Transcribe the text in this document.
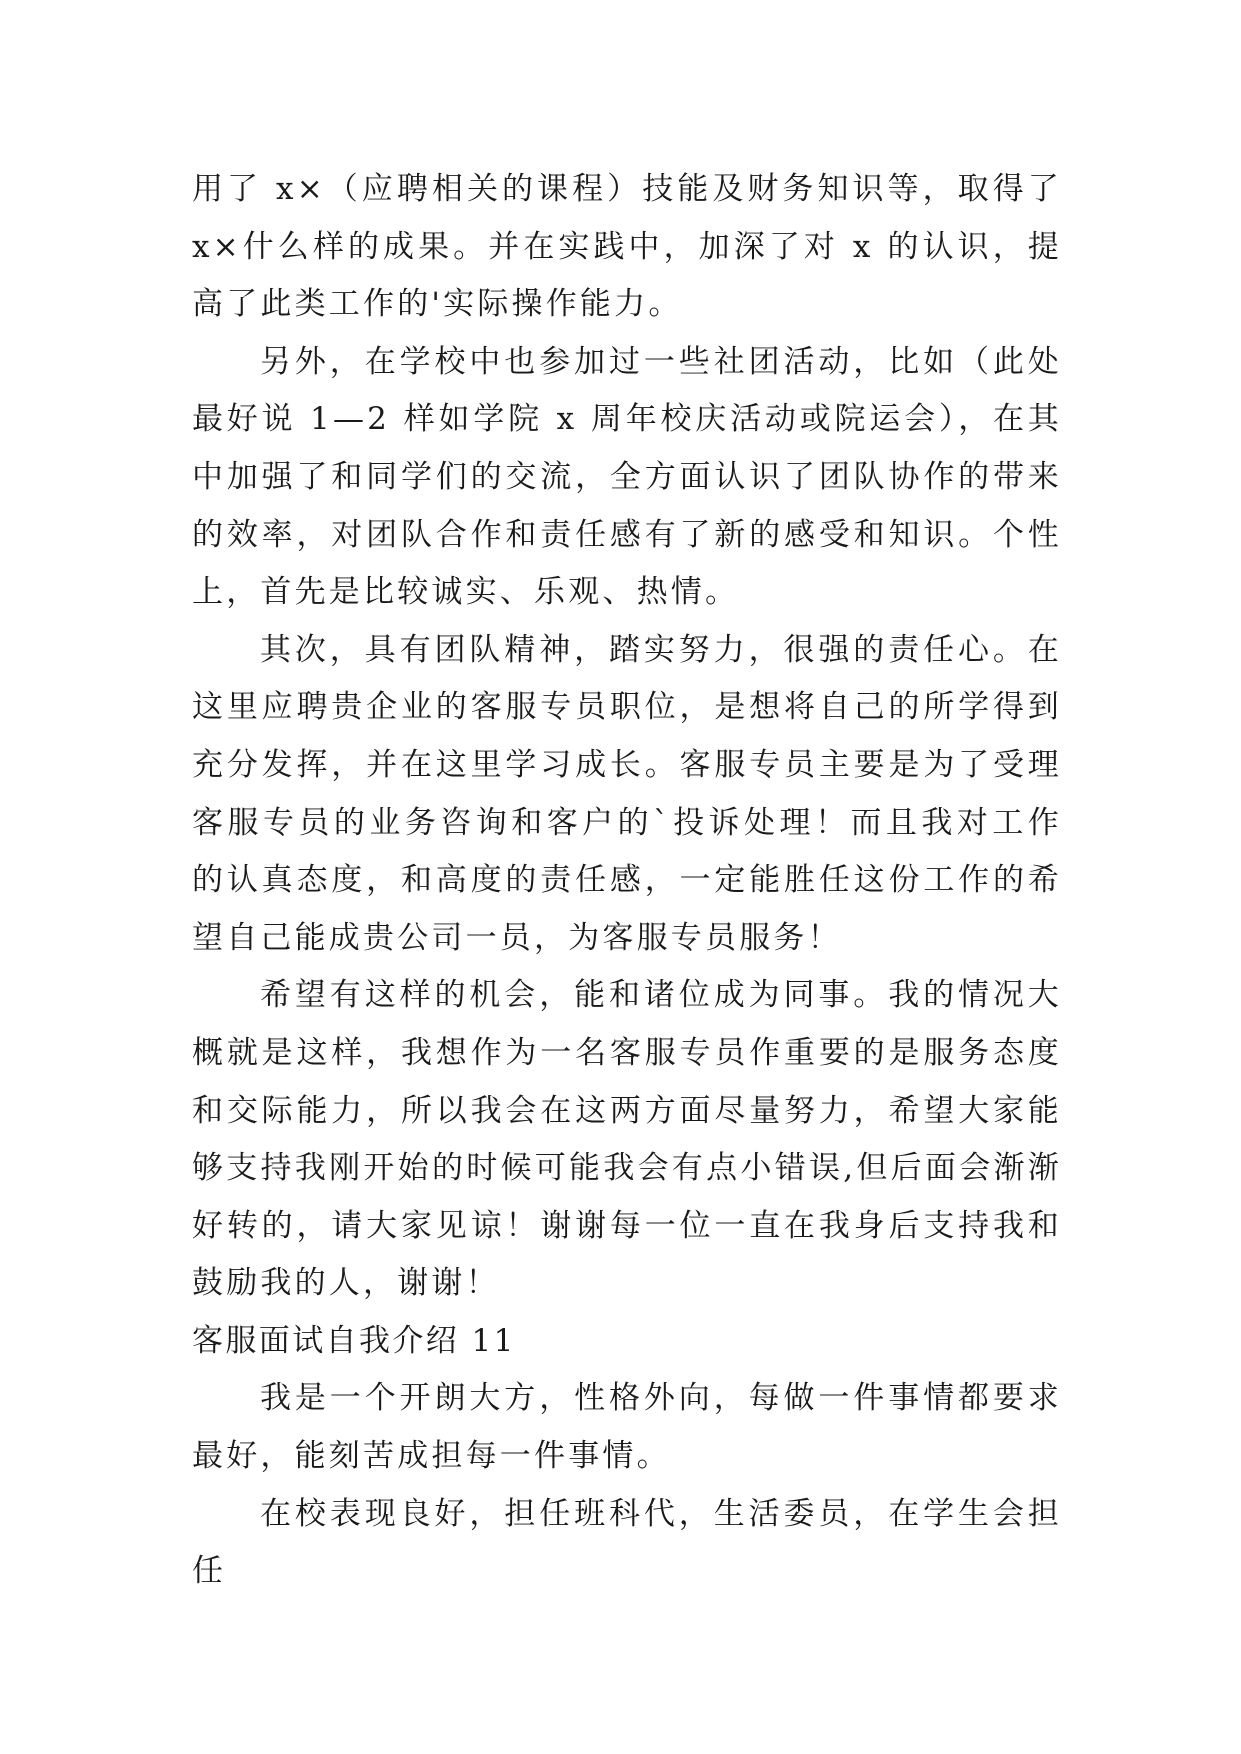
用了 x×（应聘相关的课程）技能及财务知识等，取得了 x×什么样的成果。并在实践中，加深了对 x 的认识，提高了此类工作的'实际操作能力。

另外，在学校中也参加过一些社团活动，比如（此处最好说 1—2 样如学院 x 周年校庆活动或院运会），在其中加强了和同学们的交流，全方面认识了团队协作的带来的效率，对团队合作和责任感有了新的感受和知识。个性上，首先是比较诚实、乐观、热情。

其次，具有团队精神，踏实努力，很强的责任心。在这里应聘贵企业的客服专员职位，是想将自己的所学得到充分发挥，并在这里学习成长。客服专员主要是为了受理客服专员的业务咨询和客户的`投诉处理！而且我对工作的认真态度，和高度的责任感，一定能胜任这份工作的希望自己能成贵公司一员，为客服专员服务！

希望有这样的机会，能和诸位成为同事。我的情况大概就是这样，我想作为一名客服专员作重要的是服务态度和交际能力，所以我会在这两方面尽量努力，希望大家能够支持我刚开始的时候可能我会有点小错误,但后面会渐渐好转的，请大家见谅！谢谢每一位一直在我身后支持我和鼓励我的人，谢谢！

客服面试自我介绍 11

我是一个开朗大方，性格外向，每做一件事情都要求最好，能刻苦成担每一件事情。

在校表现良好，担任班科代，生活委员，在学生会担任
